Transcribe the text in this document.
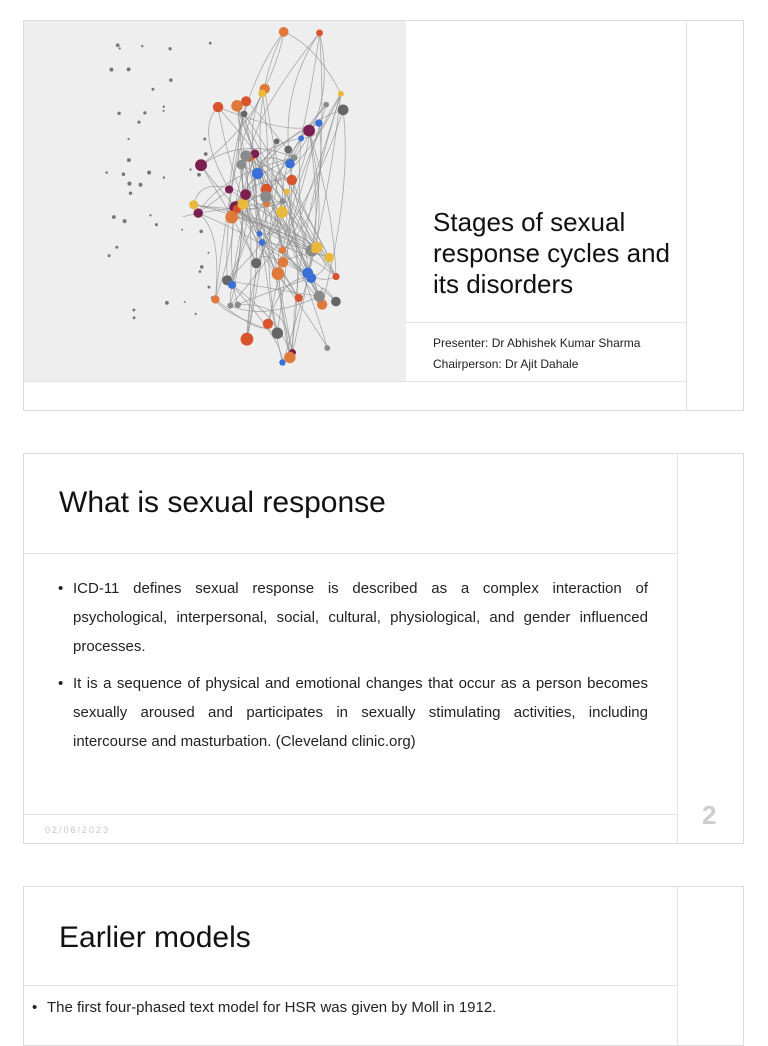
Stages of sexual response cycles and its disorders
Presenter: Dr Abhishek Kumar Sharma
Chairperson: Dr Ajit Dahale
What is sexual response
• ICD-11 defines sexual response is described as a complex interaction of psychological, interpersonal, social, cultural, physiological, and gender influenced processes.
• It is a sequence of physical and emotional changes that occur as a person becomes sexually aroused and participates in sexually stimulating activities, including intercourse and masturbation. (Cleveland clinic.org)
02/06/2023	2
Earlier models
• The first four-phased text model for HSR was given by Moll in 1912.
